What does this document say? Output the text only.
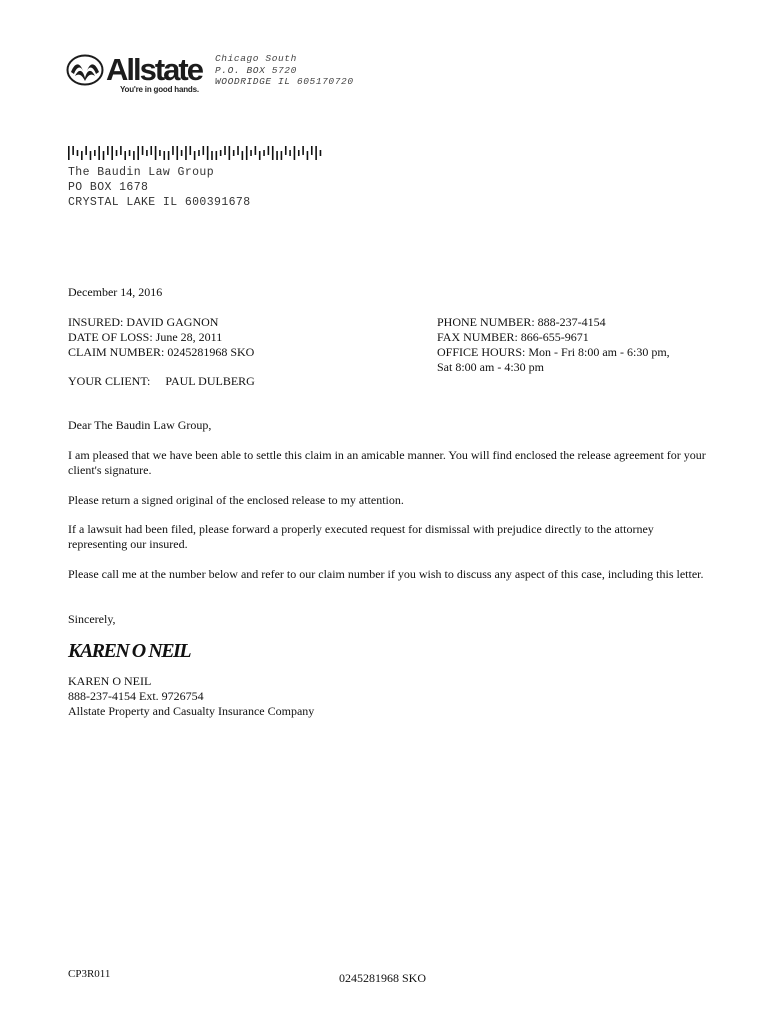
Allstate
You're in good hands.
Chicago South
P.O. BOX 5720
WOODRIDGE IL 605170720
The Baudin Law Group
PO BOX 1678
CRYSTAL LAKE IL 600391678
December 14, 2016
INSURED: DAVID GAGNON
DATE OF LOSS: June 28, 2011
CLAIM NUMBER: 0245281968 SKO
PHONE NUMBER: 888-237-4154
FAX NUMBER: 866-655-9671
OFFICE HOURS: Mon - Fri 8:00 am - 6:30 pm,
Sat 8:00 am - 4:30 pm
YOUR CLIENT:     PAUL DULBERG
Dear The Baudin Law Group,
I am pleased that we have been able to settle this claim in an amicable manner. You will find enclosed the release agreement for your client's signature.
Please return a signed original of the enclosed release to my attention.
If a lawsuit had been filed, please forward a properly executed request for dismissal with prejudice directly to the attorney representing our insured.
Please call me at the number below and refer to our claim number if you wish to discuss any aspect of this case, including this letter.
Sincerely,
KAREN O NEIL
KAREN O NEIL
888-237-4154 Ext. 9726754
Allstate Property and Casualty Insurance Company
CP3R011	0245281968 SKO
